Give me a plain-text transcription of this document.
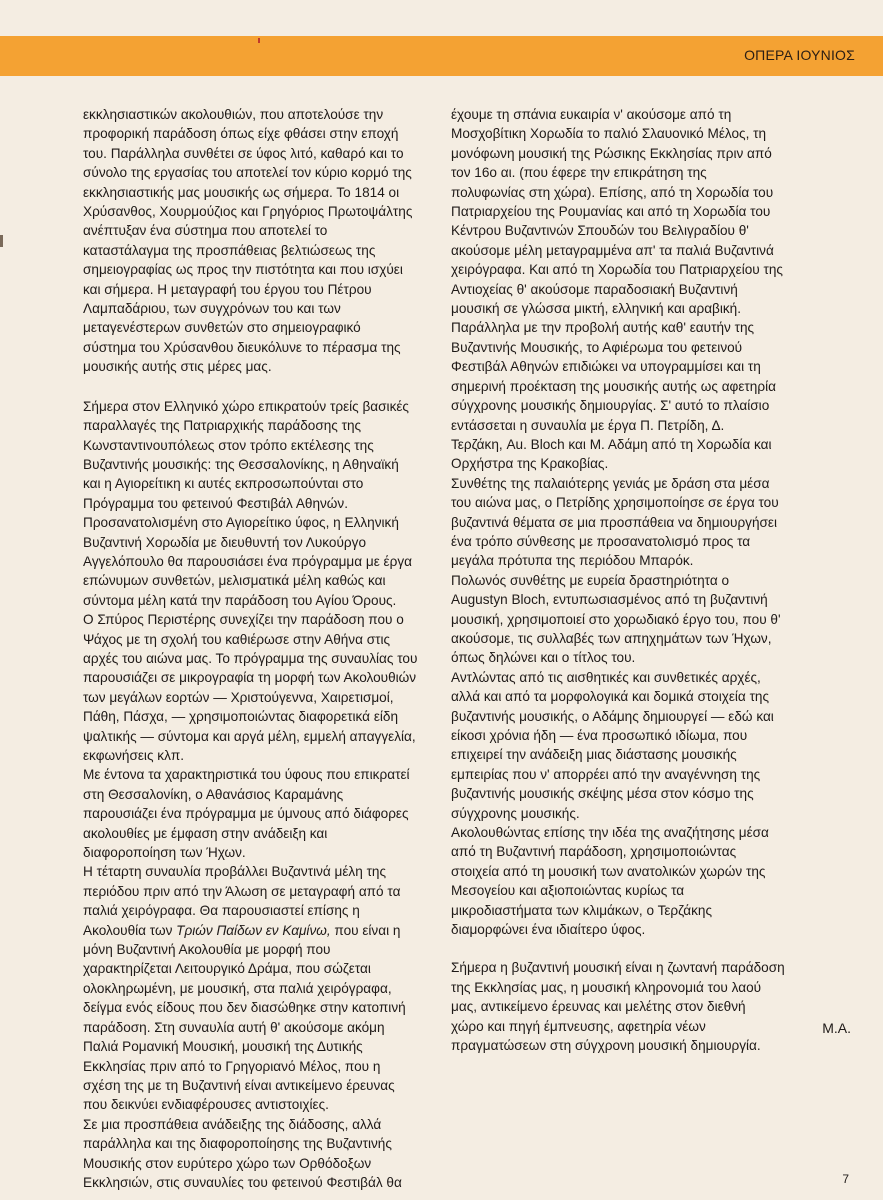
ΟΠΕΡΑ ΙΟΥΝΙΟΣ

εκκλησιαστικών ακολουθιών, που αποτελούσε την
προφορική παράδοση όπως είχε φθάσει στην εποχή
του. Παράλληλα συνθέτει σε ύφος λιτό, καθαρό και το
σύνολο της εργασίας του αποτελεί τον κύριο κορμό της
εκκλησιαστικής μας μουσικής ως σήμερα. Το 1814 οι
Χρύσανθος, Χουρμούζιος και Γρηγόριος Πρωτοψάλτης
ανέπτυξαν ένα σύστημα που αποτελεί το
καταστάλαγμα της προσπάθειας βελτιώσεως της
σημειογραφίας ως προς την πιστότητα και που ισχύει
και σήμερα. Η μεταγραφή του έργου του Πέτρου
Λαμπαδάριου, των συγχρόνων του και των
μεταγενέστερων συνθετών στο σημειογραφικό
σύστημα του Χρύσανθου διευκόλυνε το πέρασμα της
μουσικής αυτής στις μέρες μας.

Σήμερα στον Ελληνικό χώρο επικρατούν τρείς βασικές
παραλλαγές της Πατριαρχικής παράδοσης της
Κωνσταντινουπόλεως στον τρόπο εκτέλεσης της
Βυζαντινής μουσικής: της Θεσσαλονίκης, η Αθηναϊκή
και η Αγιορείτικη κι αυτές εκπροσωπούνται στο
Πρόγραμμα του φετεινού Φεστιβάλ Αθηνών.

Προσανατολισμένη στο Αγιορείτικο ύφος, η Ελληνική
Βυζαντινή Χορωδία με διευθυντή τον Λυκούργο
Αγγελόπουλο θα παρουσιάσει ένα πρόγραμμα με έργα
επώνυμων συνθετών, μελισματικά μέλη καθώς και
σύντομα μέλη κατά την παράδοση του Αγίου Όρους.

Ο Σπύρος Περιστέρης συνεχίζει την παράδοση που ο
Ψάχος με τη σχολή του καθιέρωσε στην Αθήνα στις
αρχές του αιώνα μας. Το πρόγραμμα της συναυλίας του
παρουσιάζει σε μικρογραφία τη μορφή των Ακολουθιών
των μεγάλων εορτών — Χριστούγεννα, Χαιρετισμοί,
Πάθη, Πάσχα, — χρησιμοποιώντας διαφορετικά είδη
ψαλτικής — σύντομα και αργά μέλη, εμμελή απαγγελία,
εκφωνήσεις κλπ.

Με έντονα τα χαρακτηριστικά του ύφους που επικρατεί
στη Θεσσαλονίκη, ο Αθανάσιος Καραμάνης
παρουσιάζει ένα πρόγραμμα με ύμνους από διάφορες
ακολουθίες με έμφαση στην ανάδειξη και
διαφοροποίηση των Ήχων.

Η τέταρτη συναυλία προβάλλει Βυζαντινά μέλη της
περιόδου πριν από την Άλωση σε μεταγραφή από τα
παλιά χειρόγραφα. Θα παρουσιαστεί επίσης η
Ακολουθία των Τριών Παίδων εν Καμίνω, που είναι η
μόνη Βυζαντινή Ακολουθία με μορφή που
χαρακτηρίζεται Λειτουργικό Δράμα, που σώζεται
ολοκληρωμένη, με μουσική, στα παλιά χειρόγραφα,
δείγμα ενός είδους που δεν διασώθηκε στην κατοπινή
παράδοση. Στη συναυλία αυτή θ' ακούσομε ακόμη
Παλιά Ρομανική Μουσική, μουσική της Δυτικής
Εκκλησίας πριν από το Γρηγοριανό Μέλος, που η
σχέση της με τη Βυζαντινή είναι αντικείμενο έρευνας
που δεικνύει ενδιαφέρουσες αντιστοιχίες.

Σε μια προσπάθεια ανάδειξης της διάδοσης, αλλά
παράλληλα και της διαφοροποίησης της Βυζαντινής
Μουσικής στον ευρύτερο χώρο των Ορθόδοξων
Εκκλησιών, στις συναυλίες του φετεινού Φεστιβάλ θα

έχουμε τη σπάνια ευκαιρία ν' ακούσομε από τη
Μοσχοβίτικη Χορωδία το παλιό Σλαυονικό Μέλος, τη
μονόφωνη μουσική της Ρώσικης Εκκλησίας πριν από
τον 16ο αι. (που έφερε την επικράτηση της
πολυφωνίας στη χώρα). Επίσης, από τη Χορωδία του
Πατριαρχείου της Ρουμανίας και από τη Χορωδία του
Κέντρου Βυζαντινών Σπουδών του Βελιγραδίου θ'
ακούσομε μέλη μεταγραμμένα απ' τα παλιά Βυζαντινά
χειρόγραφα. Και από τη Χορωδία του Πατριαρχείου της
Αντιοχείας θ' ακούσομε παραδοσιακή Βυζαντινή
μουσική σε γλώσσα μικτή, ελληνική και αραβική.

Παράλληλα με την προβολή αυτής καθ' εαυτήν της
Βυζαντινής Μουσικής, το Αφιέρωμα του φετεινού
Φεστιβάλ Αθηνών επιδιώκει να υπογραμμίσει και τη
σημερινή προέκταση της μουσικής αυτής ως αφετηρία
σύγχρονης μουσικής δημιουργίας. Σ' αυτό το πλαίσιο
εντάσσεται η συναυλία με έργα Π. Πετρίδη, Δ.
Τερζάκη, Au. Bloch και Μ. Αδάμη από τη Χορωδία και
Ορχήστρα της Κρακοβίας.

Συνθέτης της παλαιότερης γενιάς με δράση στα μέσα
του αιώνα μας, ο Πετρίδης χρησιμοποίησε σε έργα του
βυζαντινά θέματα σε μια προσπάθεια να δημιουργήσει
ένα τρόπο σύνθεσης με προσανατολισμό προς τα
μεγάλα πρότυπα της περιόδου Μπαρόκ.

Πολωνός συνθέτης με ευρεία δραστηριότητα ο
Augustyn Bloch, εντυπωσιασμένος από τη βυζαντινή
μουσική, χρησιμοποιεί στο χορωδιακό έργο του, που θ'
ακούσομε, τις συλλαβές των απηχημάτων των Ήχων,
όπως δηλώνει και ο τίτλος του.

Αντλώντας από τις αισθητικές και συνθετικές αρχές,
αλλά και από τα μορφολογικά και δομικά στοιχεία της
βυζαντινής μουσικής, ο Αδάμης δημιουργεί — εδώ και
είκοσι χρόνια ήδη — ένα προσωπικό ιδίωμα, που
επιχειρεί την ανάδειξη μιας διάστασης μουσικής
εμπειρίας που ν' απορρέει από την αναγέννηση της
βυζαντινής μουσικής σκέψης μέσα στον κόσμο της
σύγχρονης μουσικής.

Ακολουθώντας επίσης την ιδέα της αναζήτησης μέσα
από τη Βυζαντινή παράδοση, χρησιμοποιώντας
στοιχεία από τη μουσική των ανατολικών χωρών της
Μεσογείου και αξιοποιώντας κυρίως τα
μικροδιαστήματα των κλιμάκων, ο Τερζάκης
διαμορφώνει ένα ιδιαίτερο ύφος.

Σήμερα η βυζαντινή μουσική είναι η ζωντανή παράδοση
της Εκκλησίας μας, η μουσική κληρονομιά του λαού
μας, αντικείμενο έρευνας και μελέτης στον διεθνή
χώρο και πηγή έμπνευσης, αφετηρία νέων
πραγματώσεων στη σύγχρονη μουσική δημιουργία.

Μ.Α.
7
